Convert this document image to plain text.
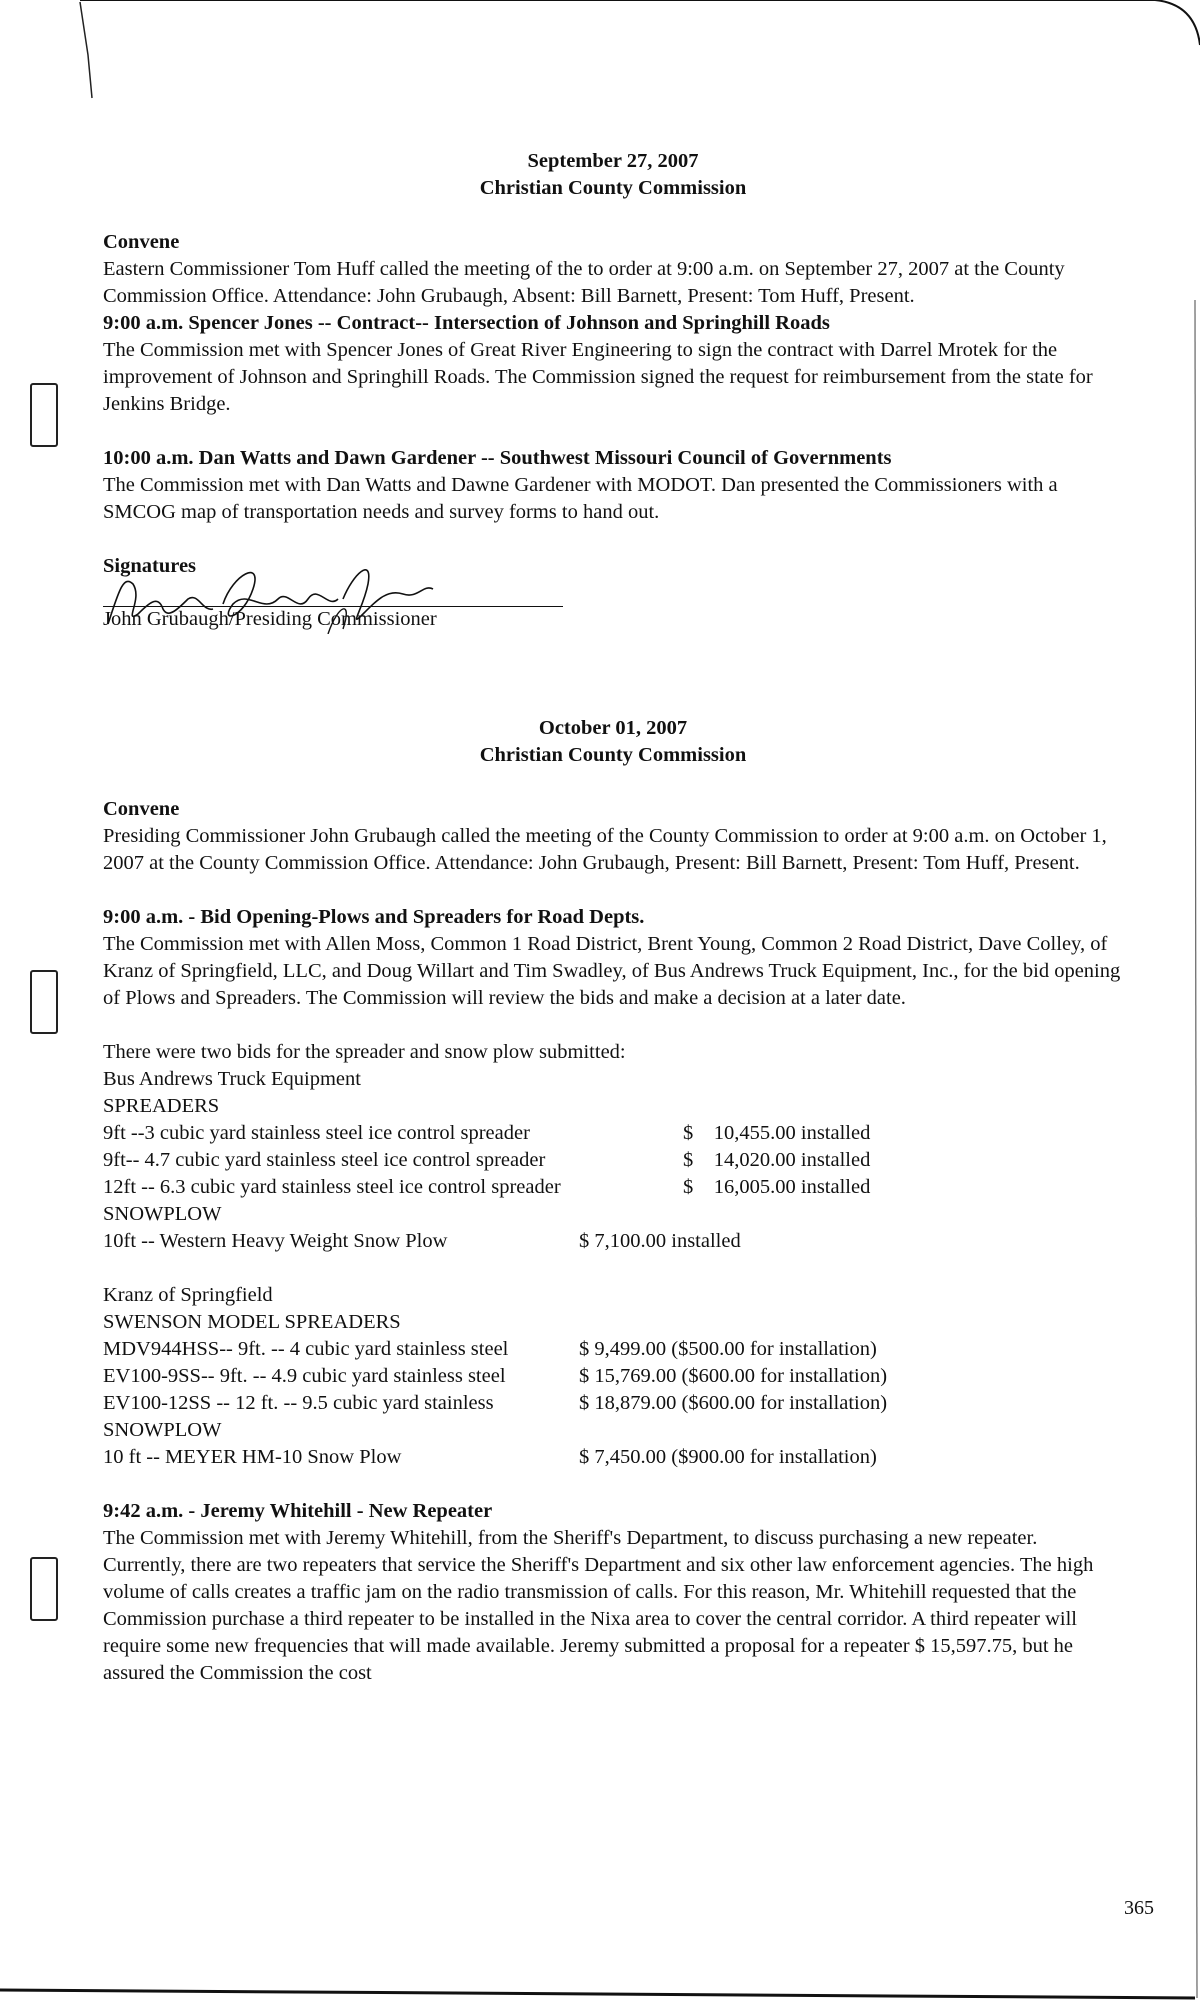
September 27, 2007

Christian County Commission

Convene

Eastern Commissioner Tom Huff called the meeting of the to order at 9:00 a.m. on September 27, 2007 at the County Commission Office. Attendance: John Grubaugh, Absent: Bill Barnett, Present: Tom Huff, Present.

9:00 a.m. Spencer Jones -- Contract-- Intersection of Johnson and Springhill Roads

The Commission met with Spencer Jones of Great River Engineering to sign the contract with Darrel Mrotek for the improvement of Johnson and Springhill Roads. The Commission signed the request for reimbursement from the state for Jenkins Bridge.

10:00 a.m. Dan Watts and Dawn Gardener -- Southwest Missouri Council of Governments

The Commission met with Dan Watts and Dawne Gardener with MODOT. Dan presented the Commissioners with a SMCOG map of transportation needs and survey forms to hand out.

Signatures

John Grubaugh/Presiding Commissioner

October 01, 2007

Christian County Commission

Convene

Presiding Commissioner John Grubaugh called the meeting of the County Commission to order at 9:00 a.m. on October 1, 2007 at the County Commission Office. Attendance: John Grubaugh, Present: Bill Barnett, Present: Tom Huff, Present.

9:00 a.m. - Bid Opening-Plows and Spreaders for Road Depts.

The Commission met with Allen Moss, Common 1 Road District, Brent Young, Common 2 Road District, Dave Colley, of Kranz of Springfield, LLC, and Doug Willart and Tim Swadley, of Bus Andrews Truck Equipment, Inc., for the bid opening of Plows and Spreaders. The Commission will review the bids and make a decision at a later date.

There were two bids for the spreader and snow plow submitted:

Bus Andrews Truck Equipment

SPREADERS

9ft --3 cubic yard stainless steel ice control spreader	$    10,455.00 installed
9ft-- 4.7 cubic yard stainless steel ice control spreader	$    14,020.00 installed
12ft -- 6.3 cubic yard stainless steel ice control spreader	$    16,005.00 installed

SNOWPLOW

10ft -- Western Heavy Weight Snow Plow	$ 7,100.00 installed

Kranz of Springfield

SWENSON MODEL SPREADERS

MDV944HSS-- 9ft. -- 4 cubic yard stainless steel	$ 9,499.00 ($500.00 for installation)
EV100-9SS-- 9ft. -- 4.9 cubic yard stainless steel	$ 15,769.00 ($600.00 for installation)
EV100-12SS -- 12 ft. -- 9.5 cubic yard stainless	$ 18,879.00 ($600.00 for installation)

SNOWPLOW

10 ft -- MEYER HM-10 Snow Plow	$ 7,450.00 ($900.00 for installation)

9:42 a.m. - Jeremy Whitehill - New Repeater

The Commission met with Jeremy Whitehill, from the Sheriff's Department, to discuss purchasing a new repeater. Currently, there are two repeaters that service the Sheriff's Department and six other law enforcement agencies. The high volume of calls creates a traffic jam on the radio transmission of calls. For this reason, Mr. Whitehill requested that the Commission purchase a third repeater to be installed in the Nixa area to cover the central corridor. A third repeater will require some new frequencies that will made available. Jeremy submitted a proposal for a repeater $ 15,597.75, but he assured the Commission the cost

365
